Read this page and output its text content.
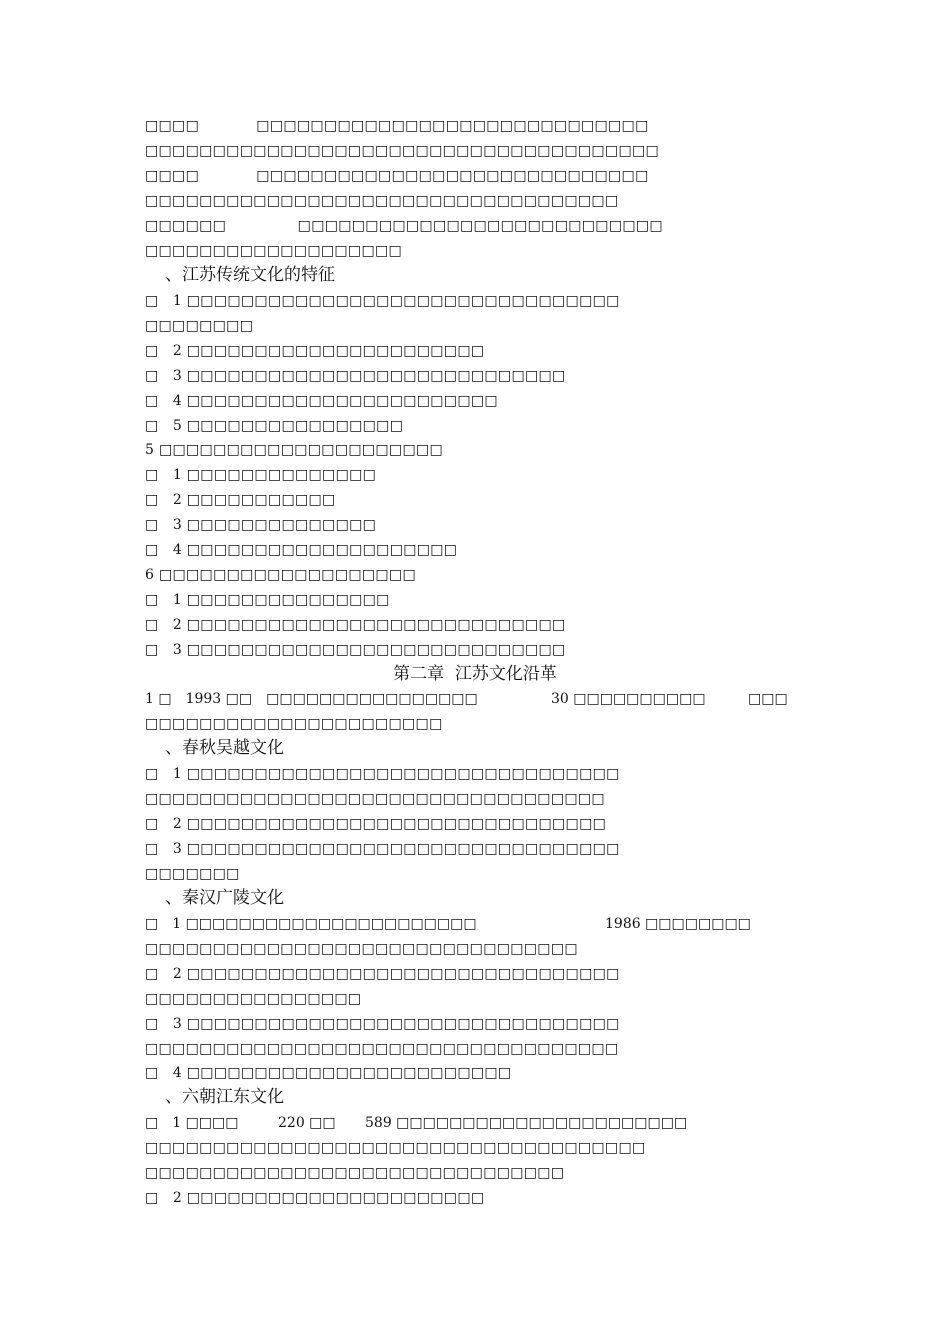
□□□□　　　　□□□□□□□□□□□□□□□□□□□□□□□□□□□□□
□□□□□□□□□□□□□□□□□□□□□□□□□□□□□□□□□□□□□□
□□□□　　　　□□□□□□□□□□□□□□□□□□□□□□□□□□□□□
□□□□□□□□□□□□□□□□□□□□□□□□□□□□□□□□□□□
□□□□□□　　　　　□□□□□□□□□□□□□□□□□□□□□□□□□□□
□□□□□□□□□□□□□□□□□□□
、江苏传统文化的特征
□　1 □□□□□□□□□□□□□□□□□□□□□□□□□□□□□□□□
□□□□□□□□
□　2 □□□□□□□□□□□□□□□□□□□□□□
□　3 □□□□□□□□□□□□□□□□□□□□□□□□□□□□
□　4 □□□□□□□□□□□□□□□□□□□□□□□
□　5 □□□□□□□□□□□□□□□□
5 □□□□□□□□□□□□□□□□□□□□□
□　1 □□□□□□□□□□□□□□
□　2 □□□□□□□□□□□
□　3 □□□□□□□□□□□□□□
□　4 □□□□□□□□□□□□□□□□□□□□
6 □□□□□□□□□□□□□□□□□□□
□　1 □□□□□□□□□□□□□□□
□　2 □□□□□□□□□□□□□□□□□□□□□□□□□□□□
□　3 □□□□□□□□□□□□□□□□□□□□□□□□□□□□
第二章  江苏文化沿革
1 □　1993 □□　□□□□□□□□□□□□□□□□	30 □□□□□□□□□□	□□□
□□□□□□□□□□□□□□□□□□□□□□
、春秋吴越文化
□　1 □□□□□□□□□□□□□□□□□□□□□□□□□□□□□□□□
□□□□□□□□□□□□□□□□□□□□□□□□□□□□□□□□□□
□　2 □□□□□□□□□□□□□□□□□□□□□□□□□□□□□□□
□　3 □□□□□□□□□□□□□□□□□□□□□□□□□□□□□□□□
□□□□□□□
、秦汉广陵文化
□　1 □□□□□□□□□□□□□□□□□□□□□□	1986 □□□□□□□□
□□□□□□□□□□□□□□□□□□□□□□□□□□□□□□□□
□　2 □□□□□□□□□□□□□□□□□□□□□□□□□□□□□□□□
□□□□□□□□□□□□□□□□
□　3 □□□□□□□□□□□□□□□□□□□□□□□□□□□□□□□□
□□□□□□□□□□□□□□□□□□□□□□□□□□□□□□□□□□□
□　4 □□□□□□□□□□□□□□□□□□□□□□□□
、六朝江东文化
□　1 □□□□	220 □□ 589 □□□□□□□□□□□□□□□□□□□□□□
□□□□□□□□□□□□□□□□□□□□□□□□□□□□□□□□□□□□□
□□□□□□□□□□□□□□□□□□□□□□□□□□□□□□□
□　2 □□□□□□□□□□□□□□□□□□□□□□
